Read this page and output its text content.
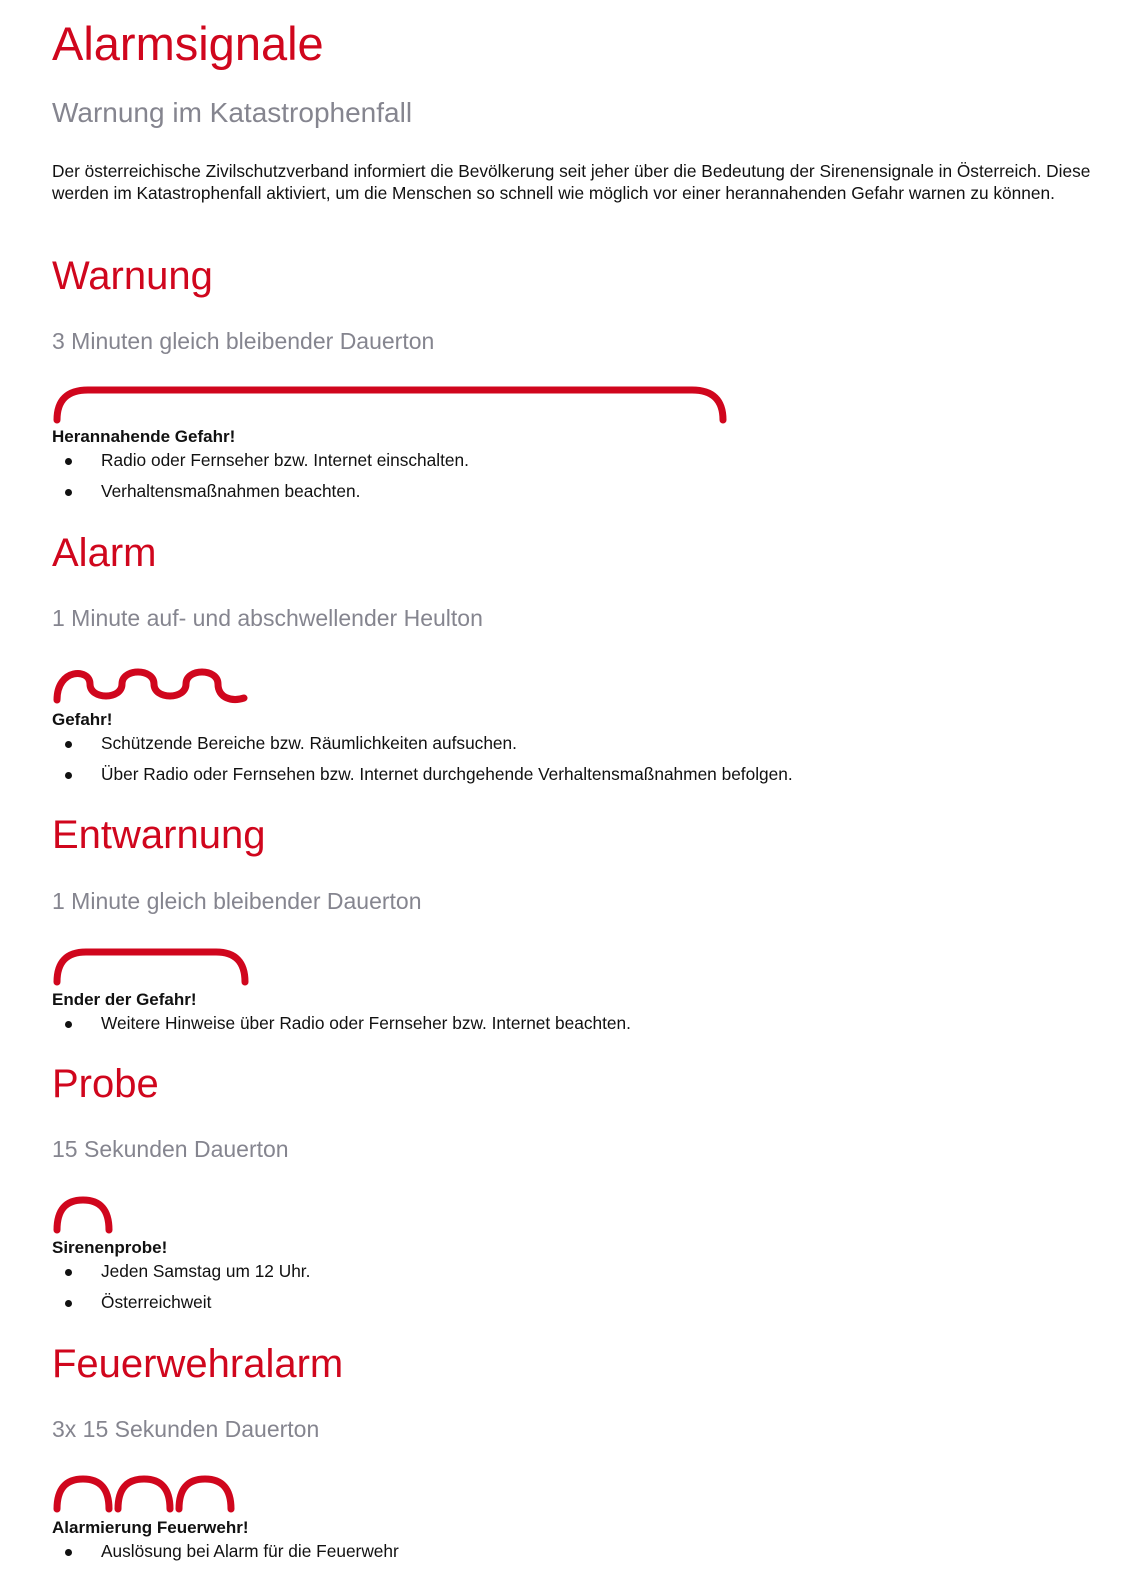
Alarmsignale
Warnung im Katastrophenfall
Der österreichische Zivilschutzverband informiert die Bevölkerung seit jeher über die Bedeutung der Sirenensignale in Österreich. Diese werden im Katastrophenfall aktiviert, um die Menschen so schnell wie möglich vor einer herannahenden Gefahr warnen zu können.
Warnung
3 Minuten gleich bleibender Dauerton
Herannahende Gefahr!
Radio oder Fernseher bzw. Internet einschalten.
Verhaltensmaßnahmen beachten.
Alarm
1 Minute auf- und abschwellender Heulton
Gefahr!
Schützende Bereiche bzw. Räumlichkeiten aufsuchen.
Über Radio oder Fernsehen bzw. Internet durchgehende Verhaltensmaßnahmen befolgen.
Entwarnung
1 Minute gleich bleibender Dauerton
Ender der Gefahr!
Weitere Hinweise über Radio oder Fernseher bzw. Internet beachten.
Probe
15 Sekunden Dauerton
Sirenenprobe!
Jeden Samstag um 12 Uhr.
Österreichweit
Feuerwehralarm
3x 15 Sekunden Dauerton
Alarmierung Feuerwehr!
Auslösung bei Alarm für die Feuerwehr
